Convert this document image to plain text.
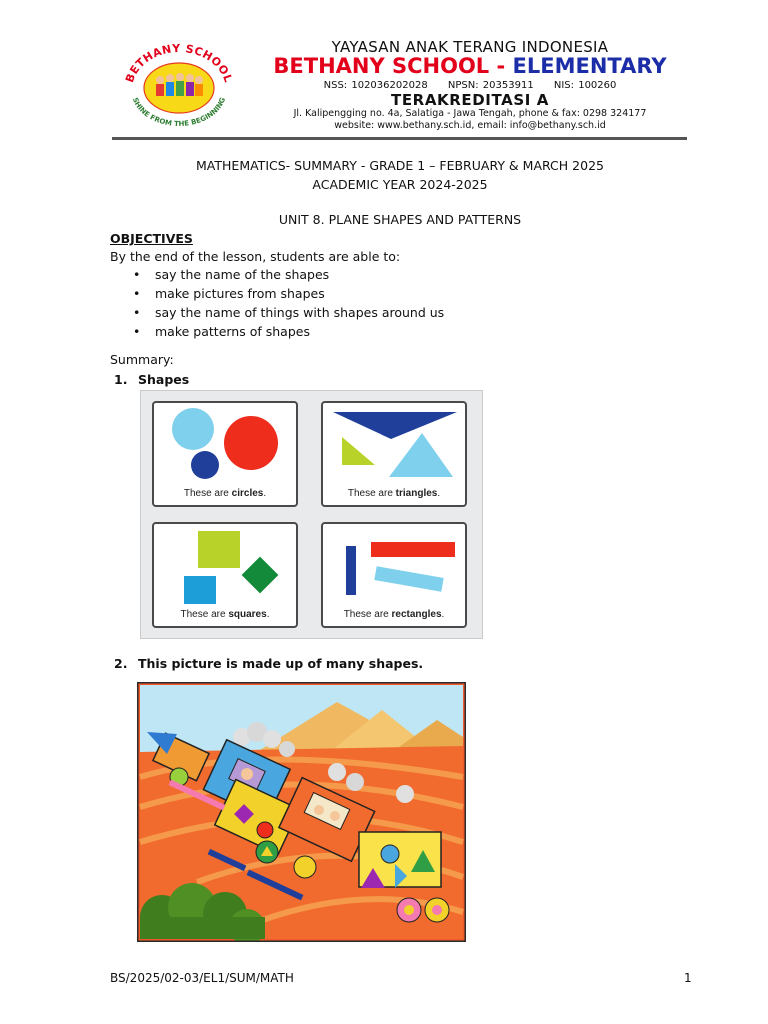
BETHANY SCHOOL
SHINE FROM THE BEGINNING
YAYASAN ANAK TERANG INDONESIA
BETHANY SCHOOL - ELEMENTARY
NSS: 102036202028 NPSN: 20353911 NIS: 100260
TERAKREDITASI A
Jl. Kalipengging no. 4a, Salatiga - Jawa Tengah, phone & fax: 0298 324177
website: www.bethany.sch.id, email: info@bethany.sch.id
MATHEMATICS- SUMMARY - GRADE 1 – FEBRUARY & MARCH 2025
ACADEMIC YEAR 2024-2025
UNIT 8. PLANE SHAPES AND PATTERNS
OBJECTIVES
By the end of the lesson, students are able to:
• say the name of the shapes
• make pictures from shapes
• say the name of things with shapes around us
• make patterns of shapes
Summary:
1. Shapes
These are circles.	These are triangles.
These are squares.	These are rectangles.
2. This picture is made up of many shapes.
BS/2025/02-03/EL1/SUM/MATH	1
